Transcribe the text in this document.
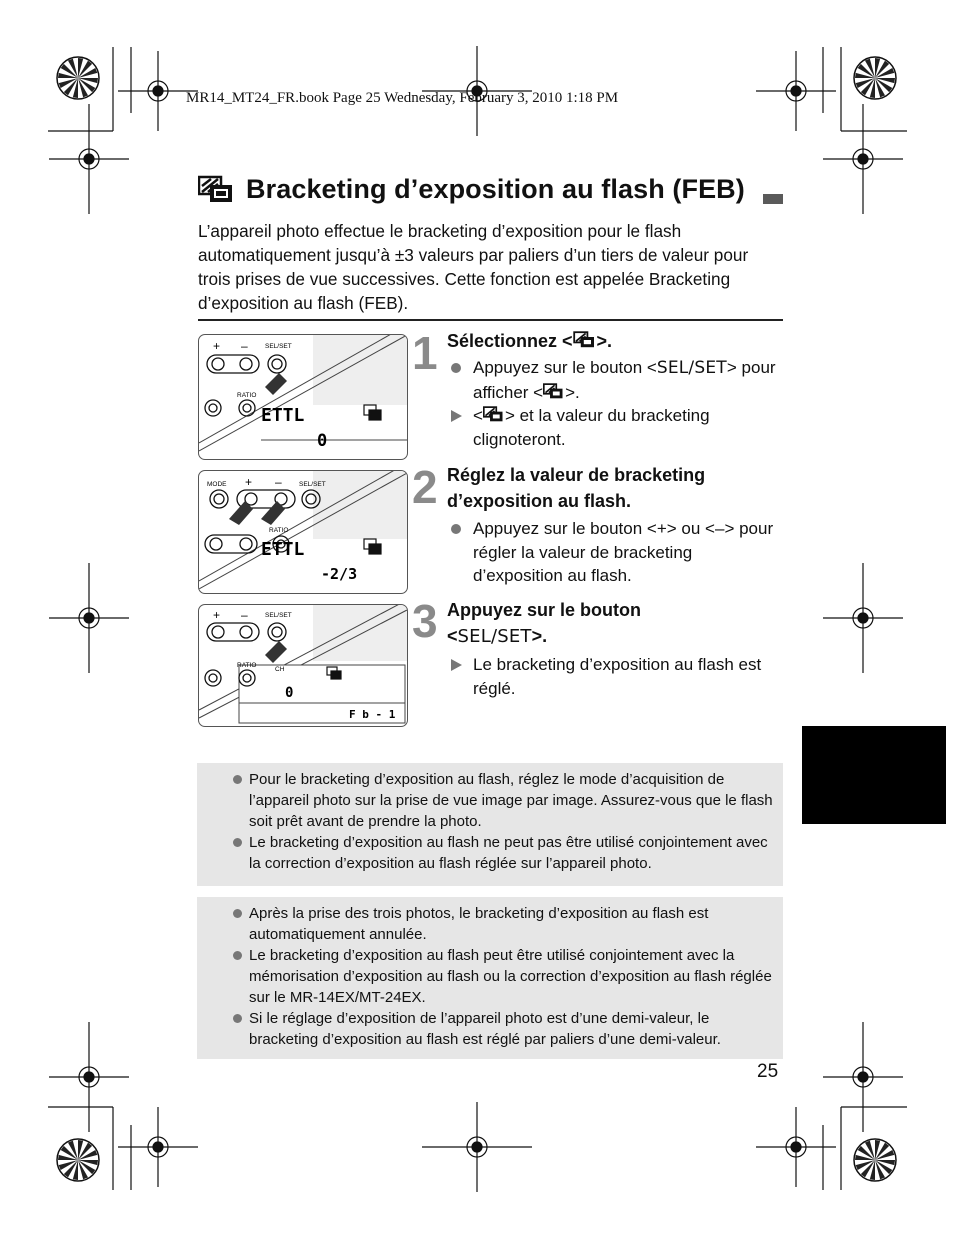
MR14_MT24_FR.book Page 25 Wednesday, February 3, 2010 1:18 PM
Bracketing d’exposition au flash (FEB)
L’appareil photo effectue le bracketing d’exposition pour le flash automatiquement jusqu’à ±3 valeurs par paliers d’un tiers de valeur pour trois prises de vue successives. Cette fonction est appelée Bracketing d’exposition au flash (FEB).
+ –	SEL/SET
RATIO
ETTL
0
MODE + –	SEL/SET
RATIO
ETTL
-2/3
+ –	SEL/SET
RATIO
CH
0
F b - 1
1 Sélectionnez < >.
Appuyez sur le bouton <SEL/SET> pour afficher < >.
< > et la valeur du bracketing clignoteront.
2 Réglez la valeur de bracketing d’exposition au flash.
Appuyez sur le bouton <+> ou <–> pour régler la valeur de bracketing d’exposition au flash.
3 Appuyez sur le bouton
<SEL/SET>.
Le bracketing d’exposition au flash est réglé.
Pour le bracketing d’exposition au flash, réglez le mode d’acquisition de l’appareil photo sur la prise de vue image par image. Assurez-vous que le flash soit prêt avant de prendre la photo.
Le bracketing d’exposition au flash ne peut pas être utilisé conjointement avec la correction d’exposition au flash réglée sur l’appareil photo.
Après la prise des trois photos, le bracketing d’exposition au flash est automatiquement annulée.
Le bracketing d’exposition au flash peut être utilisé conjointement avec la mémorisation d’exposition au flash ou la correction d’exposition au flash réglée sur le MR-14EX/MT-24EX.
Si le réglage d’exposition de l’appareil photo est d’une demi-valeur, le bracketing d’exposition au flash est réglé par paliers d’une demi-valeur.
25
